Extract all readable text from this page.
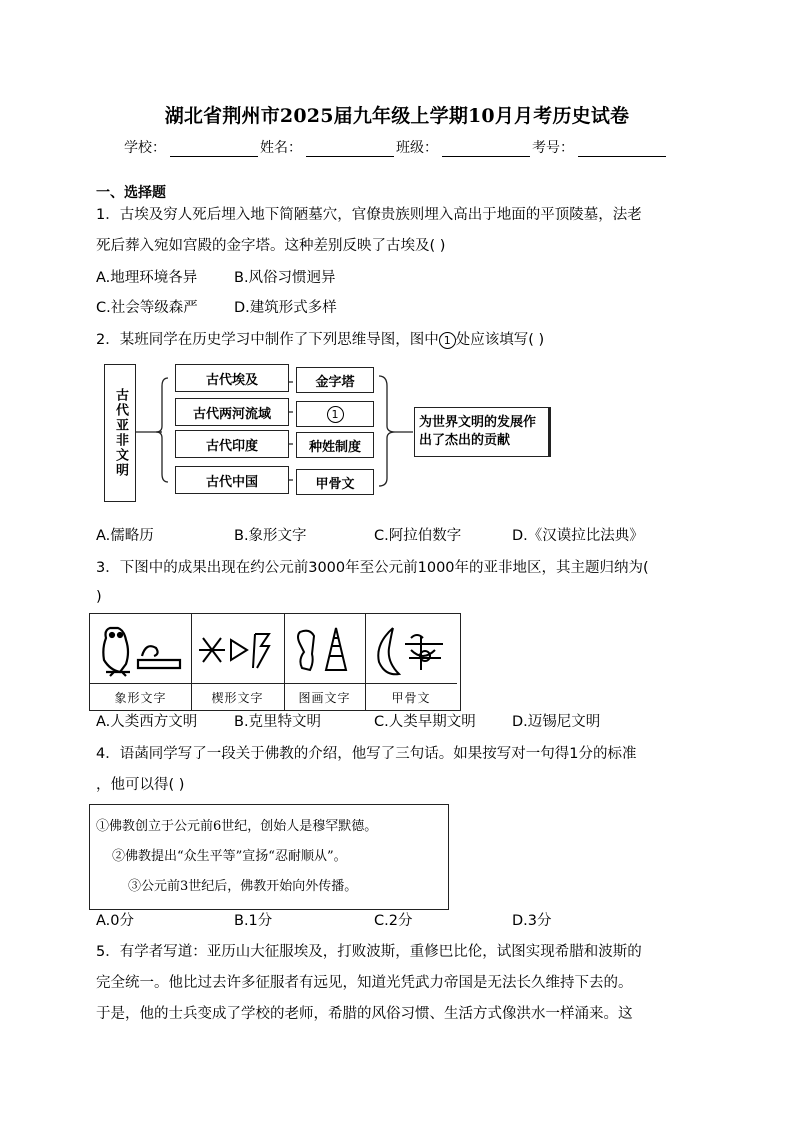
湖北省荆州市2025届九年级上学期10月月考历史试卷
学校：	姓名：	班级：	考号：
一、选择题
1．古埃及穷人死后埋入地下简陋墓穴，官僚贵族则埋入高出于地面的平顶陵墓，法老
死后葬入宛如宫殿的金字塔。这种差别反映了古埃及( )
A.地理环境各异	B.风俗习惯迥异
C.社会等级森严	D.建筑形式多样
2．某班同学在历史学习中制作了下列思维导图，图中 1 处应该填写( )
古代亚非文明
古代埃及
古代两河流域
古代印度
古代中国
金字塔
1
种姓制度
甲骨文
为世界文明的发展作出了杰出的贡献
A.儒略历	B.象形文字	C.阿拉伯数字	D.《汉谟拉比法典》
3．下图中的成果出现在约公元前3000年至公元前1000年的亚非地区，其主题归纳为(
)
象形文字	楔形文字	图画文字	甲骨文
A.人类西方文明	B.克里特文明	C.人类早期文明	D.迈锡尼文明
4．语菡同学写了一段关于佛教的介绍，他写了三句话。如果按写对一句得1分的标准
，他可以得( )
①佛教创立于公元前6世纪，创始人是穆罕默德。
②佛教提出“众生平等”宣扬“忍耐顺从”。
③公元前3世纪后，佛教开始向外传播。
A.0分	B.1分	C.2分	D.3分
5．有学者写道：亚历山大征服埃及，打败波斯，重修巴比伦，试图实现希腊和波斯的
完全统一。他比过去许多征服者有远见，知道光凭武力帝国是无法长久维持下去的。
于是，他的士兵变成了学校的老师，希腊的风俗习惯、生活方式像洪水一样涌来。这
